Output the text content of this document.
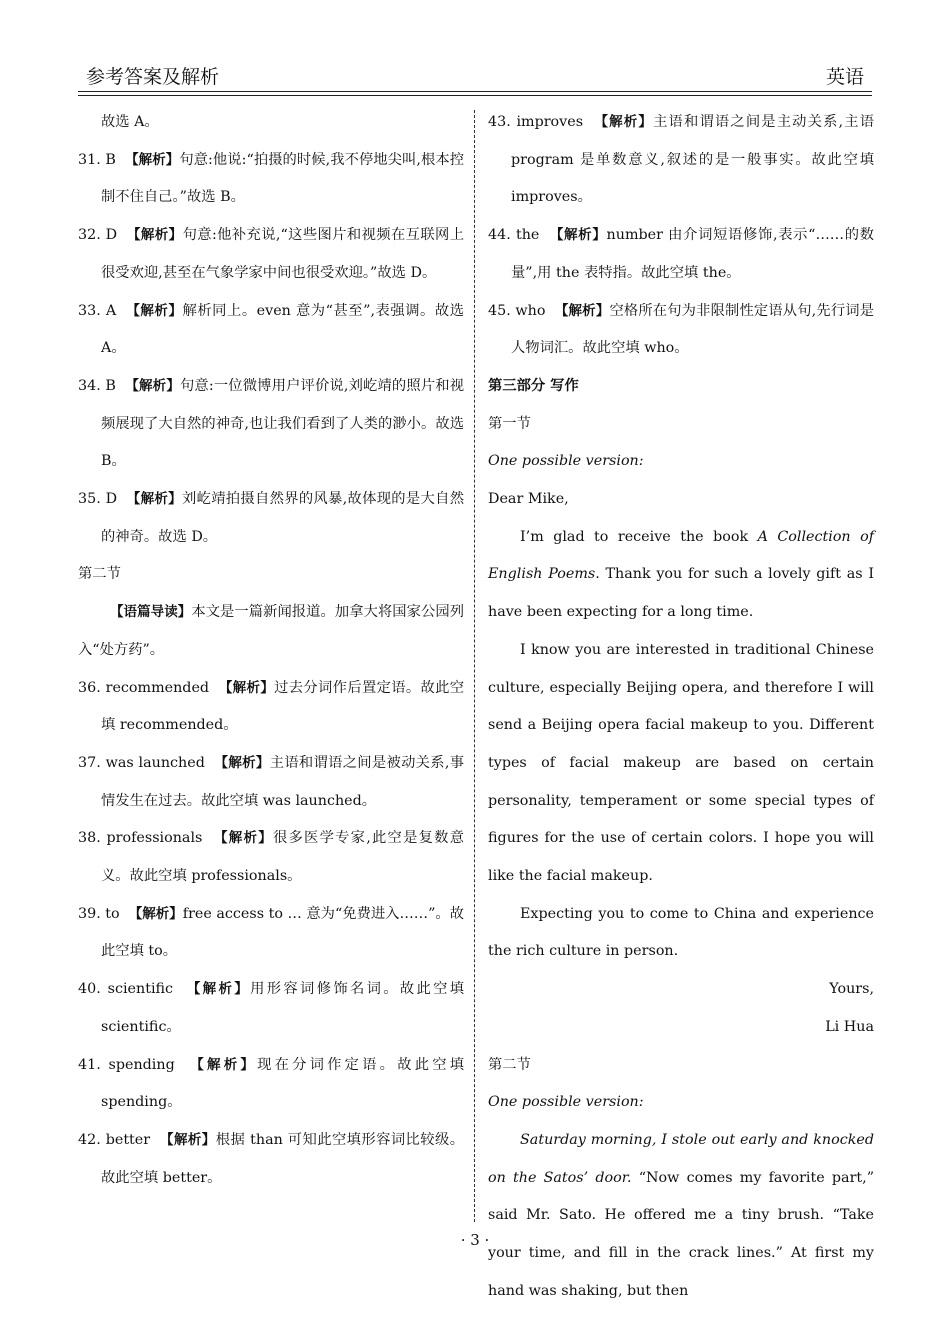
参考答案及解析	英语

故选 A。

31. B 【解析】句意:他说:“拍摄的时候,我不停地尖叫,根本控制不住自己。”故选 B。

32. D 【解析】句意:他补充说,“这些图片和视频在互联网上很受欢迎,甚至在气象学家中间也很受欢迎。”故选 D。

33. A 【解析】解析同上。even 意为“甚至”,表强调。故选 A。

34. B 【解析】句意:一位微博用户评价说,刘屹靖的照片和视频展现了大自然的神奇,也让我们看到了人类的渺小。故选 B。

35. D 【解析】刘屹靖拍摄自然界的风暴,故体现的是大自然的神奇。故选 D。

第二节

【语篇导读】本文是一篇新闻报道。加拿大将国家公园列入“处方药”。

36. recommended 【解析】过去分词作后置定语。故此空填 recommended。

37. was launched 【解析】主语和谓语之间是被动关系,事情发生在过去。故此空填 was launched。

38. professionals 【解析】很多医学专家,此空是复数意义。故此空填 professionals。

39. to 【解析】free access to … 意为“免费进入……”。故此空填 to。

40. scientific 【解析】用形容词修饰名词。故此空填 scientific。

41. spending 【解析】现在分词作定语。故此空填 spending。

42. better 【解析】根据 than 可知此空填形容词比较级。故此空填 better。

43. improves 【解析】主语和谓语之间是主动关系,主语 program 是单数意义,叙述的是一般事实。故此空填 improves。

44. the 【解析】number 由介词短语修饰,表示“……的数量”,用 the 表特指。故此空填 the。

45. who 【解析】空格所在句为非限制性定语从句,先行词是人物词汇。故此空填 who。

第三部分 写作

第一节

One possible version:

Dear Mike,

I’m glad to receive the book A Collection of English Poems. Thank you for such a lovely gift as I have been expecting for a long time.

I know you are interested in traditional Chinese culture, especially Beijing opera, and therefore I will send a Beijing opera facial makeup to you. Different types of facial makeup are based on certain personality, temperament or some special types of figures for the use of certain colors. I hope you will like the facial makeup.

Expecting you to come to China and experience the rich culture in person.

Yours,

Li Hua

第二节

One possible version:

Saturday morning, I stole out early and knocked on the Satos’ door. “Now comes my favorite part,” said Mr. Sato. He offered me a tiny brush. “Take your time, and fill in the crack lines.” At first my hand was shaking, but then

· 3 ·
